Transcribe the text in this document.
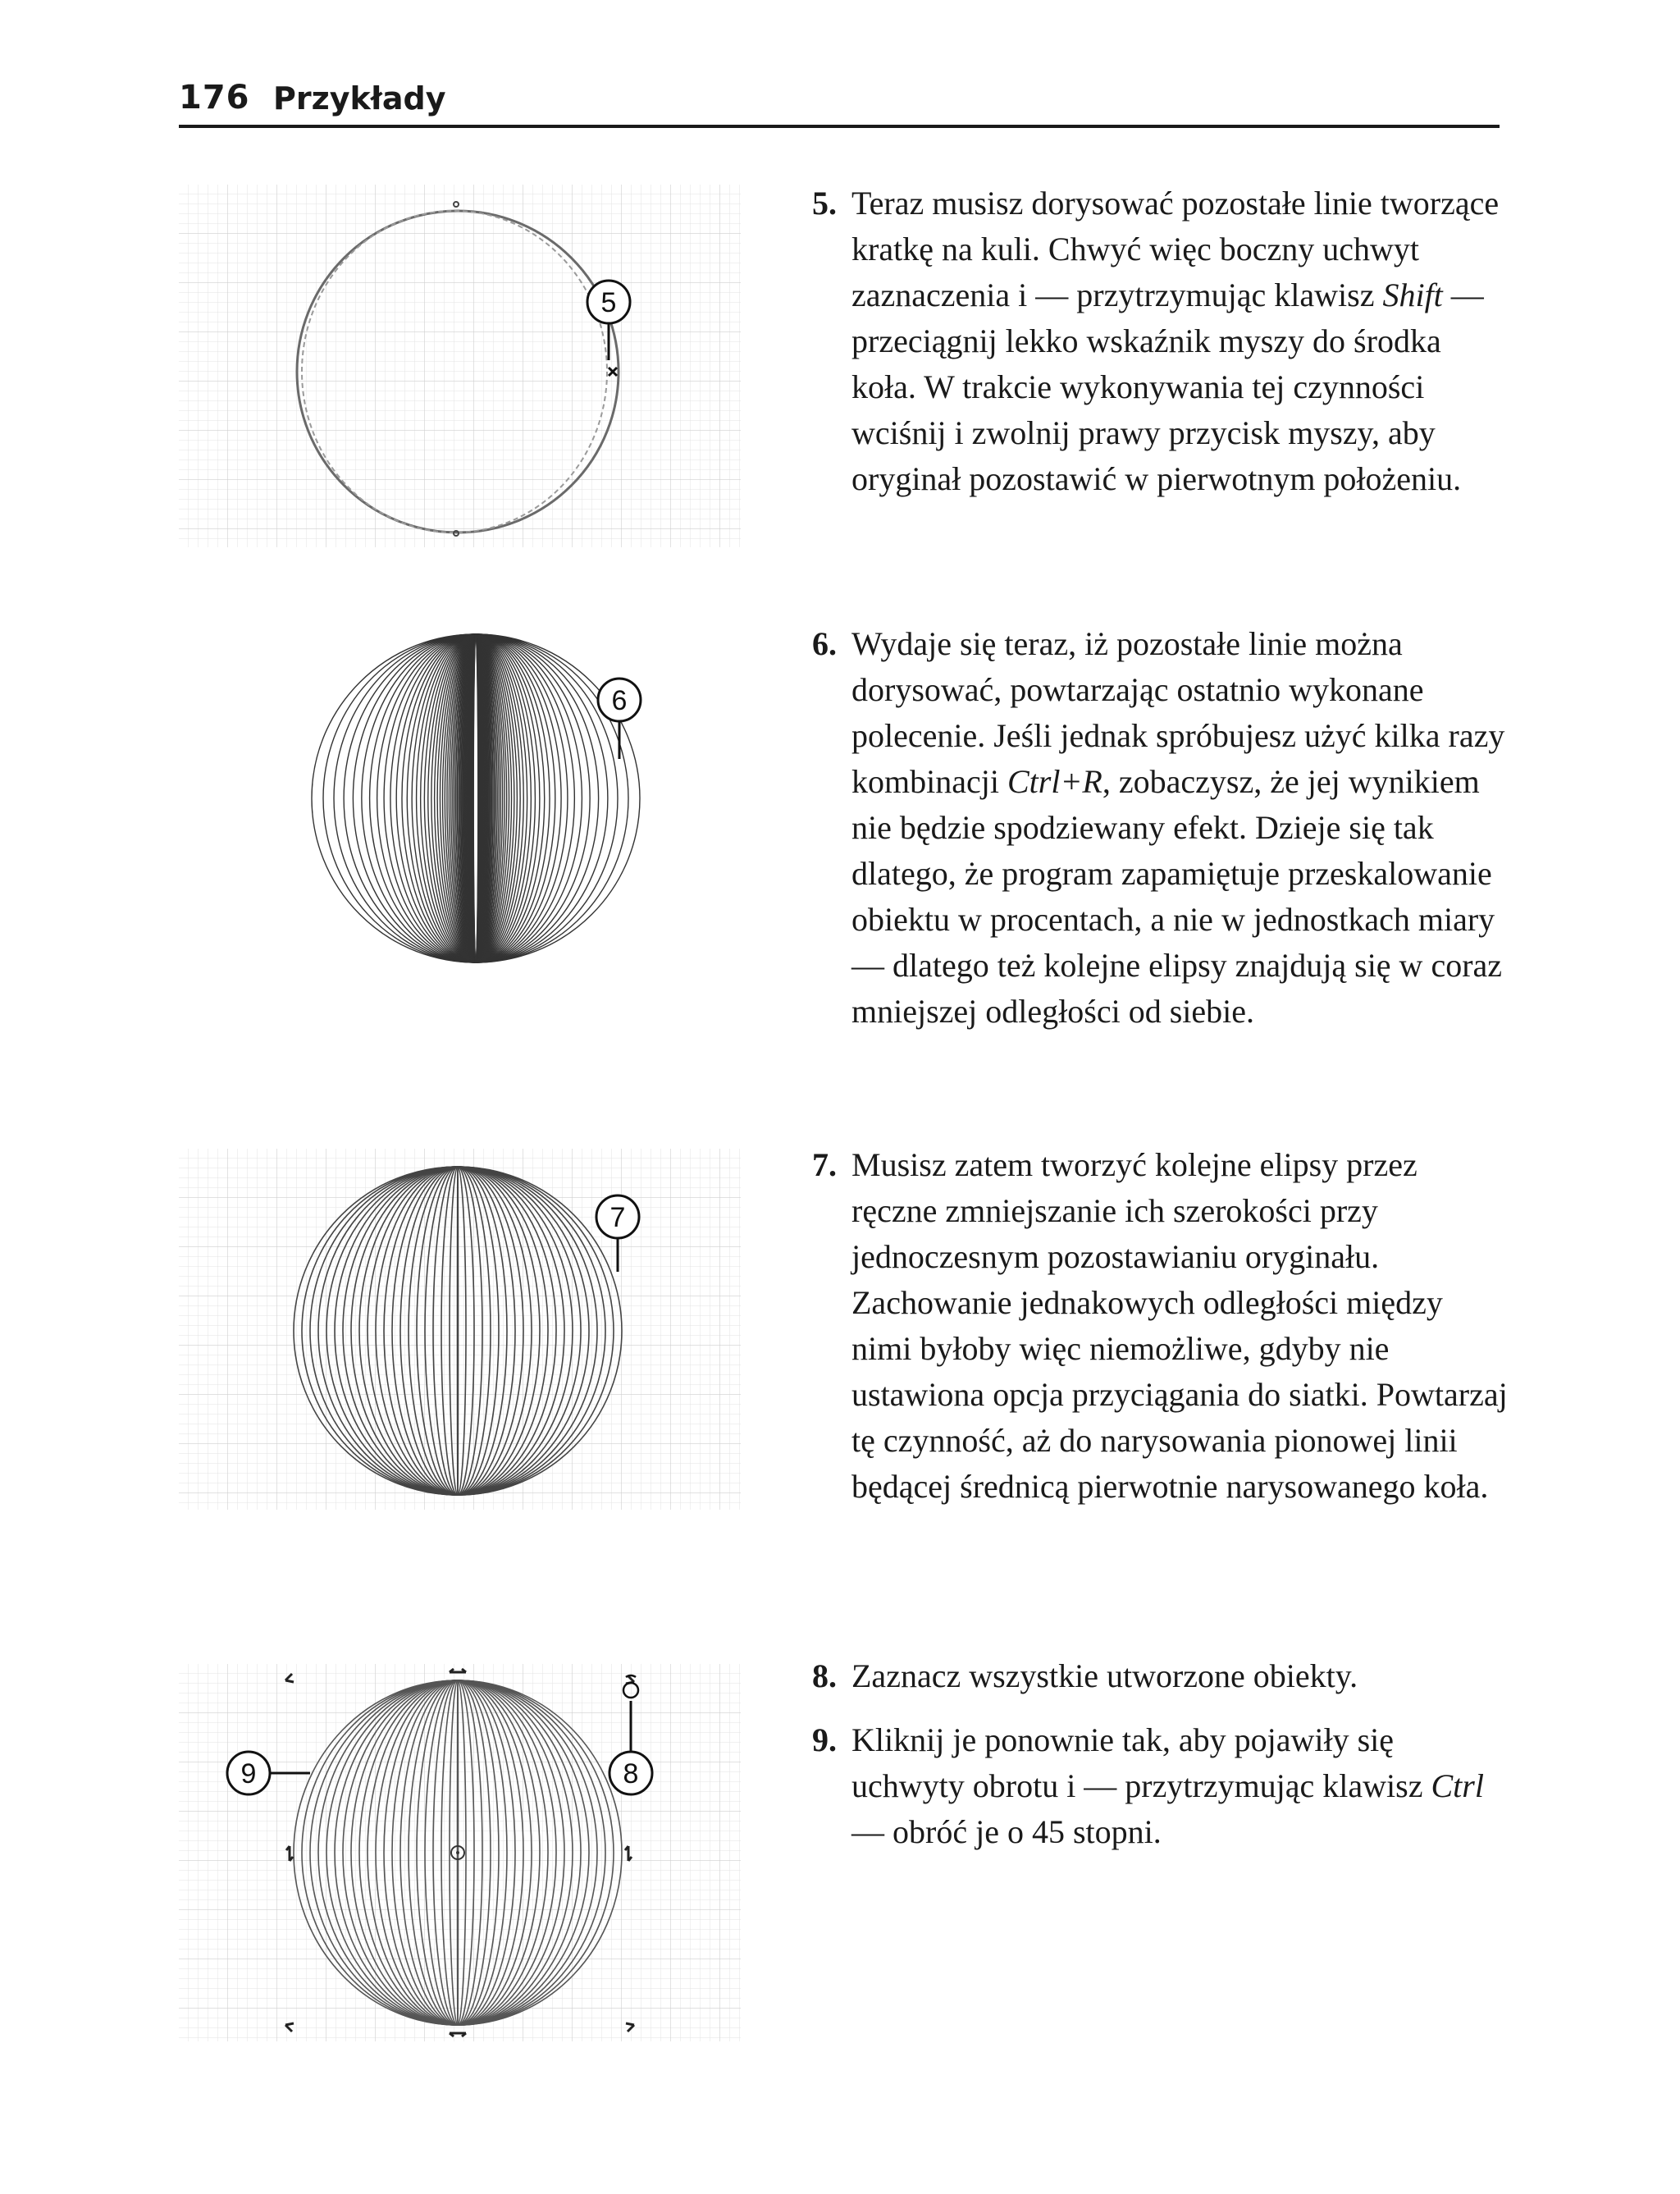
176 Przykłady
5
6
7
9	8

5. Teraz musisz dorysować pozostałe linie tworzące kratkę na kuli. Chwyć więc boczny uchwyt zaznaczenia i — przytrzymując klawisz Shift — przeciągnij lekko wskaźnik myszy do środka koła. W trakcie wykonywania tej czynności wciśnij i zwolnij prawy przycisk myszy, aby oryginał pozostawić w pierwotnym położeniu.

6. Wydaje się teraz, iż pozostałe linie można dorysować, powtarzając ostatnio wykonane polecenie. Jeśli jednak spróbujesz użyć kilka razy kombinacji Ctrl+R, zobaczysz, że jej wynikiem nie będzie spodziewany efekt. Dzieje się tak dlatego, że program zapamiętuje przeskalowanie obiektu w procentach, a nie w jednostkach miary — dlatego też kolejne elipsy znajdują się w coraz mniejszej odległości od siebie.

7. Musisz zatem tworzyć kolejne elipsy przez ręczne zmniejszanie ich szerokości przy jednoczesnym pozostawianiu oryginału. Zachowanie jednakowych odległości między nimi byłoby więc niemożliwe, gdyby nie ustawiona opcja przyciągania do siatki. Powtarzaj tę czynność, aż do narysowania pionowej linii będącej średnicą pierwotnie narysowanego koła.

8. Zaznacz wszystkie utworzone obiekty.

9. Kliknij je ponownie tak, aby pojawiły się uchwyty obrotu i — przytrzymując klawisz Ctrl — obróć je o 45 stopni.
